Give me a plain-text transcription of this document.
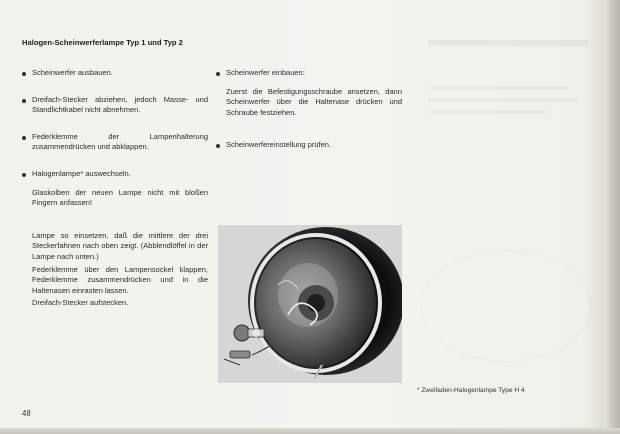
Halogen-Scheinwerferlampe Typ 1 und Typ 2
Scheinwerfer ausbauen.
Dreifach-Stecker abziehen, jedoch Masse- und Standlichtkabel nicht abnehmen.
Federklemme der Lampenhalterung zusammendrücken und abklappen.
Halogenlampe* auswechseln.
Glaskolben der neuen Lampe nicht mit bloßen Fingern anfassen!
Lampe so einsetzen, daß die mittlere der drei Steckerfahnen nach oben zeigt. (Abblendlöffel in der Lampe nach unten.)
Federklemme über den Lampensockel klappen, Federklemme zusammendrücken und in die Haltenasen einrasten lassen.
Dreifach-Stecker aufstecken.
Scheinwerfer einbauen:
Zuerst die Befestigungsschraube ansetzen, dann Scheinwerfer über die Haltenase drücken und Schraube festziehen.
Scheinwerfereinstellung prüfen.
* Zweifaden-Halogenlampe Type H 4
48
